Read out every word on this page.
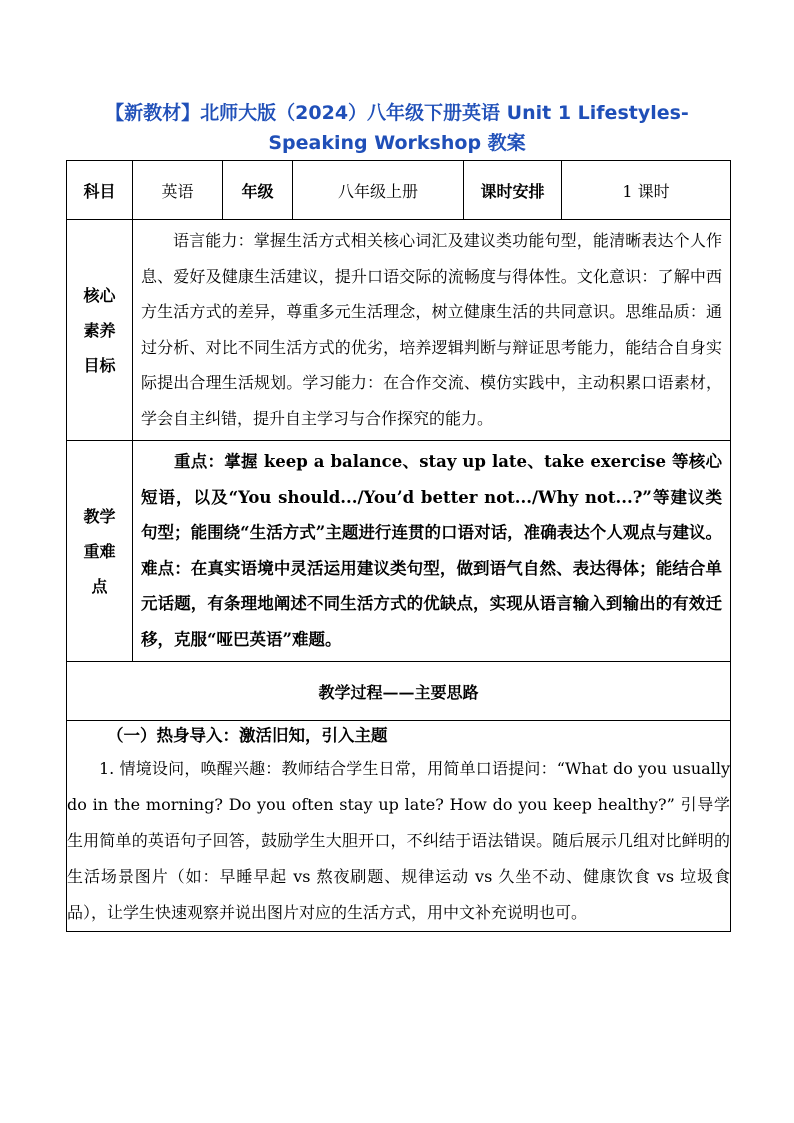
【新教材】北师大版（2024）八年级下册英语 Unit 1 Lifestyles-Speaking Workshop 教案
科目	英语	年级	八年级上册	课时安排	1 课时

核心素养目标	语言能力：掌握生活方式相关核心词汇及建议类功能句型，能清晰表达个人作息、爱好及健康生活建议，提升口语交际的流畅度与得体性。文化意识：了解中西方生活方式的差异，尊重多元生活理念，树立健康生活的共同意识。思维品质：通过分析、对比不同生活方式的优劣，培养逻辑判断与辩证思考能力，能结合自身实际提出合理生活规划。学习能力：在合作交流、模仿实践中，主动积累口语素材，学会自主纠错，提升自主学习与合作探究的能力。				

教学重难点	重点：掌握 keep a balance、stay up late、take exercise 等核心短语，以及“You should.../You’d better not.../Why not...?”等建议类句型；能围绕“生活方式”主题进行连贯的口语对话，准确表达个人观点与建议。难点：在真实语境中灵活运用建议类句型，做到语气自然、表达得体；能结合单元话题，有条理地阐述不同生活方式的优缺点，实现从语言输入到输出的有效迁移，克服“哑巴英语”难题。				

教学过程——主要思路					

（一）热身导入：激活旧知，引入主题
1. 情境设问，唤醒兴趣：教师结合学生日常，用简单口语提问：“What do you usually do in the morning? Do you often stay up late? How do you keep healthy?” 引导学生用简单的英语句子回答，鼓励学生大胆开口，不纠结于语法错误。随后展示几组对比鲜明的生活场景图片（如：早睡早起 vs 熬夜刷题、规律运动 vs 久坐不动、健康饮食 vs 垃圾食品），让学生快速观察并说出图片对应的生活方式，用中文补充说明也可。					
